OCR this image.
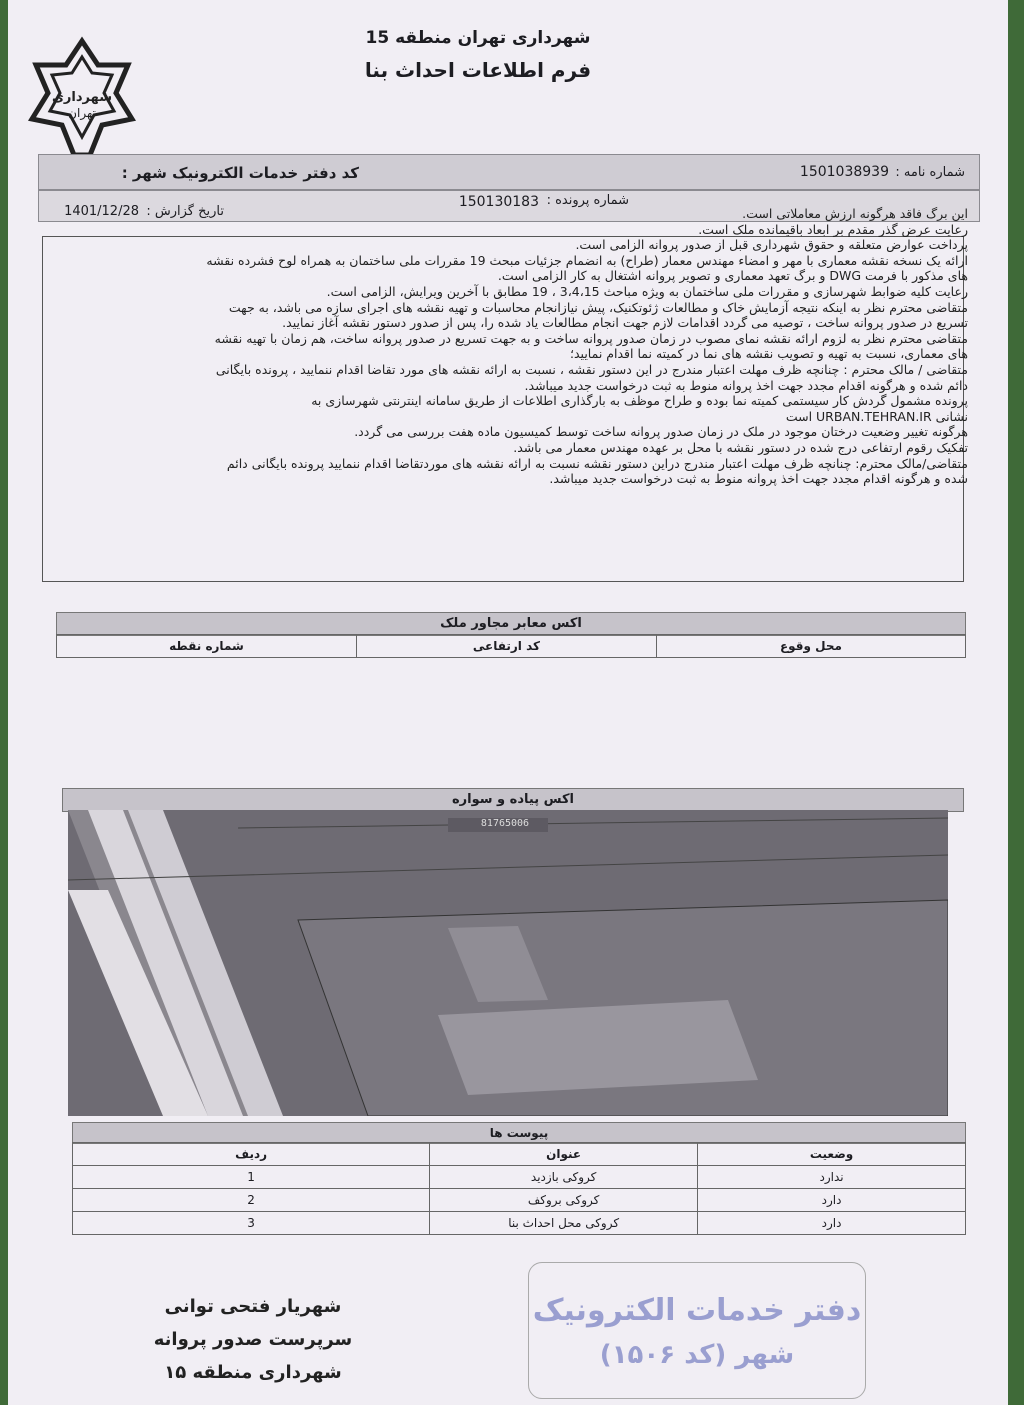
شهرداری
تهران
شهرداری تهران منطقه 15
فرم اطلاعات احداث بنا
شماره نامه :
1501038939
کد دفتر خدمات الکترونیک شهر :
شماره پرونده :
150130183
تاریخ گزارش :
1401/12/28	این برگ فاقد هرگونه ارزش معاملاتی است.

رعایت عرض گذر مقدم بر ابعاد باقیمانده ملک است.

پرداخت عوارض متعلقه و حقوق شهرداری قبل از صدور پروانه الزامی است.

ارائه یک نسخه نقشه معماری با مهر و امضاء مهندس معمار (طراح) به انضمام جزئیات مبحث 19 مقررات ملی ساختمان به همراه لوح فشرده نقشه

های مذکور با فرمت DWG و برگ تعهد معماری و تصویر پروانه اشتغال به کار الزامی است.

رعایت کلیه ضوابط شهرسازی و مقررات ملی ساختمان به ویژه مباحث 3،4،15 ، 19 مطابق با آخرین ویرایش، الزامی است.

متقاضی محترم نظر به اینکه نتیجه آزمایش خاک و مطالعات ژئوتکنیک، پیش نیازانجام محاسبات و تهیه نقشه های اجرای سازه می باشد، به جهت

تسریع در صدور پروانه ساخت ، توصیه می گردد اقدامات لازم جهت انجام مطالعات یاد شده را، پس از صدور دستور نقشه آغاز نمایید.

متقاضی محترم نظر به لزوم ارائه نقشه نمای مصوب در زمان صدور پروانه ساخت و به جهت تسریع در صدور پروانه ساخت، هم زمان با تهیه نقشه

های معماری، نسبت به تهیه و تصویب نقشه های نما در کمیته نما اقدام نمایید؛

متقاضی / مالک محترم : چنانچه ظرف مهلت اعتبار مندرج در این دستور نقشه ، نسبت به ارائه نقشه های مورد تقاضا اقدام ننمایید ، پرونده بایگانی

دائم شده و هرگونه اقدام مجدد جهت اخذ پروانه منوط به ثبت درخواست جدید میباشد.

پرونده مشمول گردش کار سیستمی کمیته نما بوده و طراح موظف به بارگذاری اطلاعات از طریق سامانه اینترنتی شهرسازی به

نشانی URBAN.TEHRAN.IR است

هرگونه تغییر وضعیت درختان موجود در ملک در زمان صدور پروانه ساخت توسط کمیسیون ماده هفت بررسی می گردد.

تفکیک رقوم ارتفاعی درج شده در دستور نقشه با محل بر عهده مهندس معمار می باشد.

متقاضی/مالک محترم: چنانچه ظرف مهلت اعتبار مندرج دراین دستور نقشه نسبت به ارائه نقشه های موردتقاضا اقدام ننمایید پرونده بایگانی دائم

شده و هرگونه اقدام مجدد جهت اخذ پروانه منوط به ثبت درخواست جدید میباشد.

اکس معابر مجاور ملک
شماره نقطه	کد ارتفاعی	محل وقوع
اکس پیاده و سواره
81765006
پیوست ها
ردیف	عنوان	وضعیت
1	کروکی بازدید	ندارد
2	کروکی بروکف	دارد
3	کروکی محل احداث بنا	دارد
شهریار فتحی توانی
سرپرست صدور پروانه
شهرداری منطقه ۱۵
دفتر خدمات الکترونیک
شهر (کد ۱۵۰۶)
